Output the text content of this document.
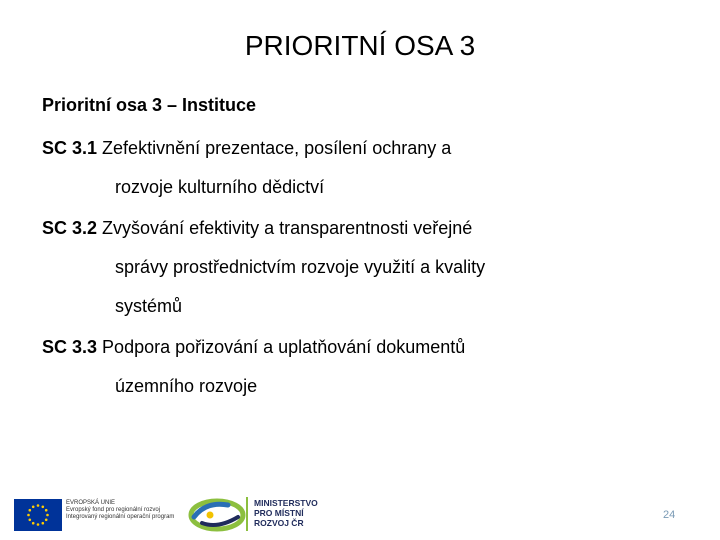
PRIORITNÍ OSA 3
Prioritní osa 3 – Instituce
SC 3.1 Zefektivnění prezentace, posílení ochrany a
rozvoje kulturního dědictví
SC 3.2 Zvyšování efektivity a transparentnosti veřejné
správy prostřednictvím rozvoje využití a kvality
systémů
SC 3.3 Podpora pořizování a uplatňování dokumentů
územního rozvoje
EVROPSKÁ UNIE
Evropský fond pro regionální rozvoj
Integrovaný regionální operační program
MINISTERSTVO
PRO MÍSTNÍ
ROZVOJ ČR
24
